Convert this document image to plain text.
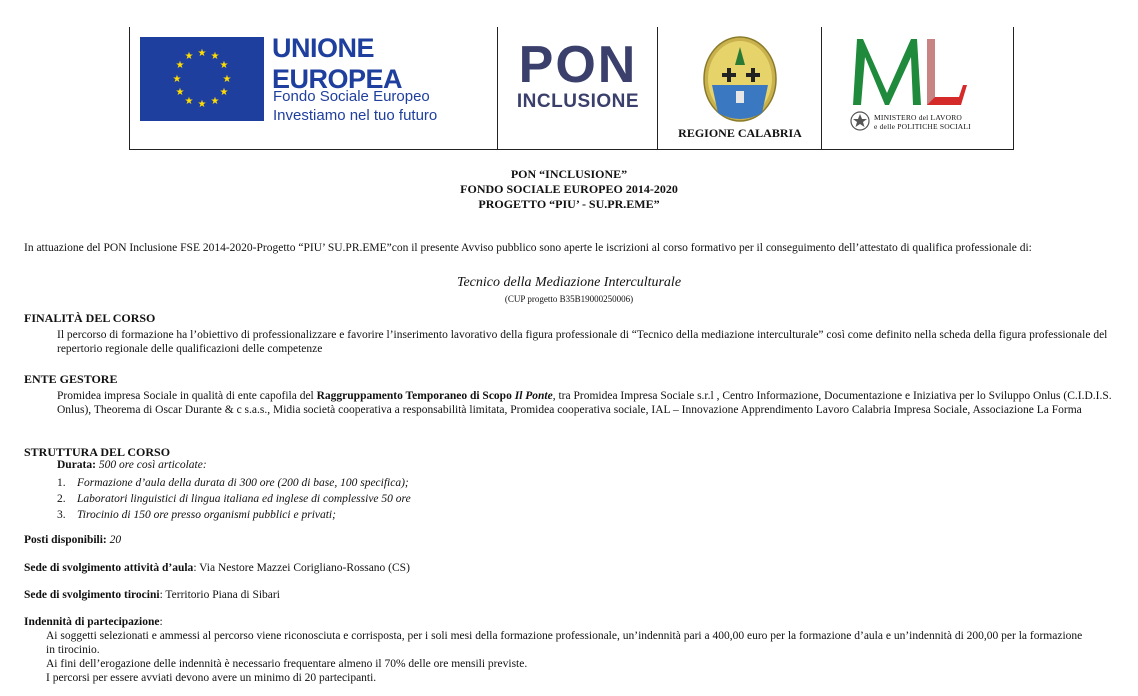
★ ★
★
★
★
★
★
★
★
★
★
★	UNIONE EUROPEA
Fondo Sociale Europeo
Investiamo nel tuo futuro
PON
INCLUSIONE
REGIONE CALABRIA
MINISTERO del LAVORO
e delle POLITICHE SOCIALI
PON “INCLUSIONE”
FONDO SOCIALE EUROPEO 2014-2020
PROGETTO “PIU’ - SU.PR.EME”
In attuazione del PON Inclusione FSE 2014-2020-Progetto “PIU’ SU.PR.EME”con il presente Avviso pubblico sono aperte le iscrizioni al corso formativo per il conseguimento dell’attestato di qualifica professionale di:
Tecnico della Mediazione Interculturale
(CUP progetto B35B19000250006)
FINALITÀ DEL CORSO
Il percorso di formazione ha l’obiettivo di professionalizzare e favorire l’inserimento lavorativo della figura professionale di “Tecnico della mediazione interculturale” così come definito nella scheda della figura professionale del repertorio regionale delle qualificazioni delle competenze
ENTE GESTORE
Promidea impresa Sociale in qualità di ente capofila del Raggruppamento Temporaneo di Scopo Il Ponte, tra Promidea Impresa Sociale s.r.l , Centro Informazione, Documentazione e Iniziativa per lo Sviluppo Onlus (C.I.D.I.S. Onlus), Theorema di Oscar Durante & c s.a.s., Midia società cooperativa a responsabilità limitata, Promidea cooperativa sociale, IAL – Innovazione Apprendimento Lavoro Calabria Impresa Sociale, Associazione La Forma
STRUTTURA DEL CORSO
Durata: 500 ore così articolate:
1. Formazione d’aula della durata di 300 ore (200 di base, 100 specifica);
2. Laboratori linguistici di lingua italiana ed inglese di complessive 50 ore
3. Tirocinio di 150 ore presso organismi pubblici e privati;
Posti disponibili: 20
Sede di svolgimento attività d’aula: Via Nestore Mazzei Corigliano-Rossano (CS)
Sede di svolgimento tirocini: Territorio Piana di Sibari
Indennità di partecipazione:
Ai soggetti selezionati e ammessi al percorso viene riconosciuta e corrisposta, per i soli mesi della formazione professionale, un’indennità pari a 400,00 euro per la formazione d’aula e un’indennità di 200,00 per la formazione
in tirocinio.
Ai fini dell’erogazione delle indennità è necessario frequentare almeno il 70% delle ore mensili previste.
I percorsi per essere avviati devono avere un minimo di 20 partecipanti.
